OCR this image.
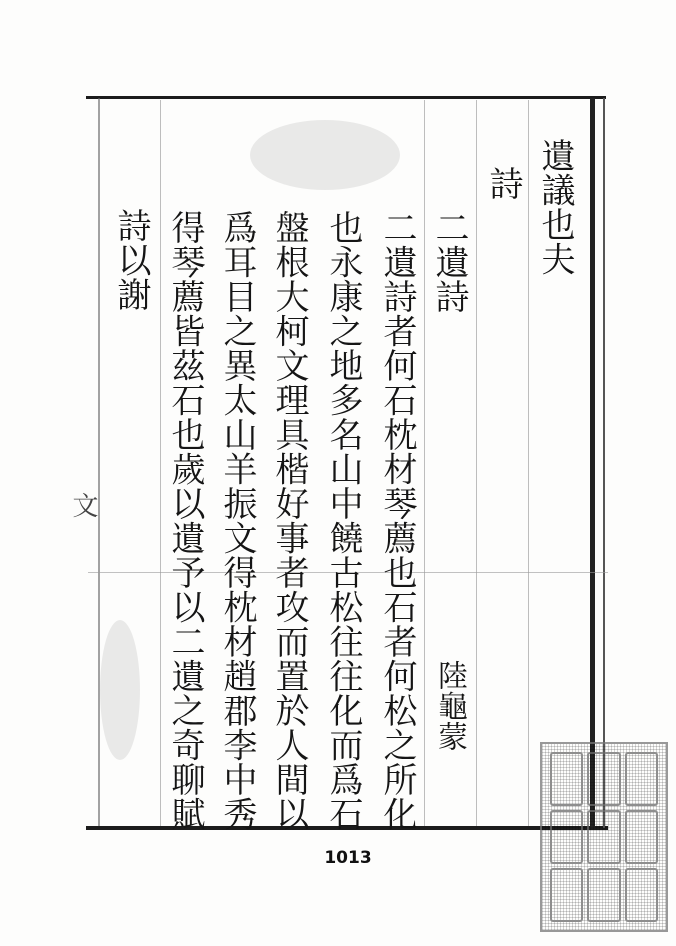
遺議也夫
詩
二遺詩
陸龜蒙
二遺詩者何石枕材琴薦也石者何松之所化
也永康之地多名山中饒古松往往化而爲石
盤根大柯文理具楷好事者攻而置於人間以
爲耳目之異太山羊振文得枕材趙郡李中秀
得琴薦皆茲石也歲以遺予以二遺之奇聊賦
詩以謝
文
1013
